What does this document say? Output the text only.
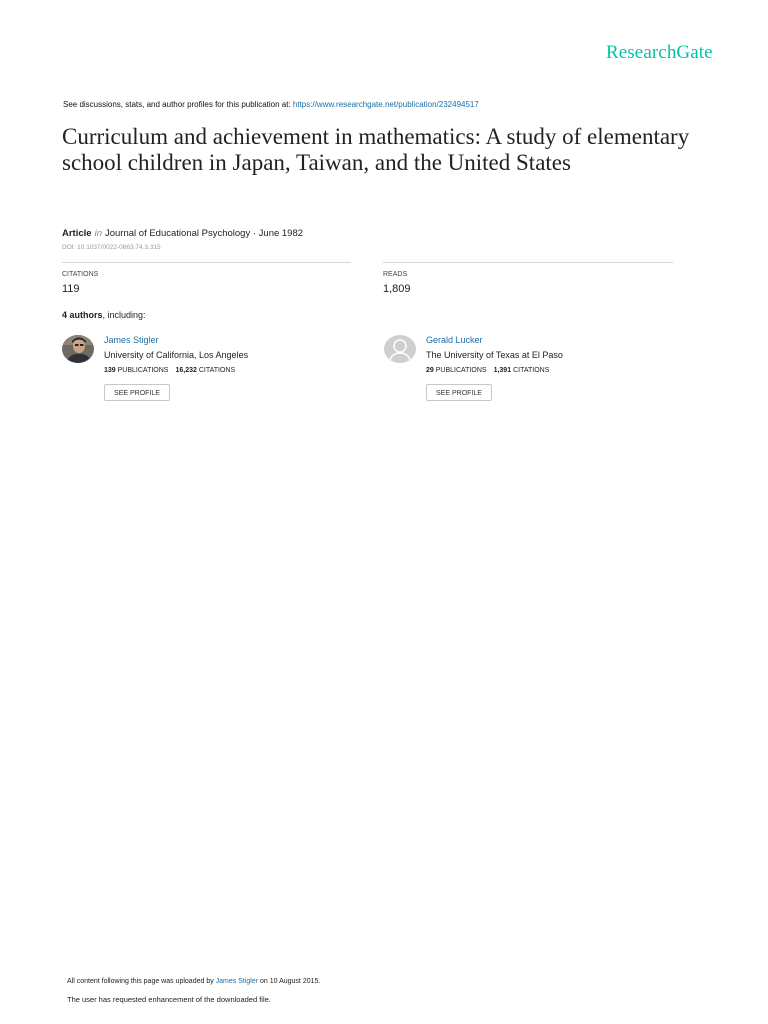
ResearchGate
See discussions, stats, and author profiles for this publication at: https://www.researchgate.net/publication/232494517
Curriculum and achievement in mathematics: A study of elementary school children in Japan, Taiwan, and the United States
Article in Journal of Educational Psychology · June 1982
DOI: 10.1037/0022-0663.74.3.315
CITATIONS
119
READS
1,809
4 authors, including:
James Stigler
University of California, Los Angeles
139 PUBLICATIONS 16,232 CITATIONS
SEE PROFILE
Gerald Lucker
The University of Texas at El Paso
29 PUBLICATIONS 1,391 CITATIONS
SEE PROFILE
All content following this page was uploaded by James Stigler on 10 August 2015.
The user has requested enhancement of the downloaded file.
